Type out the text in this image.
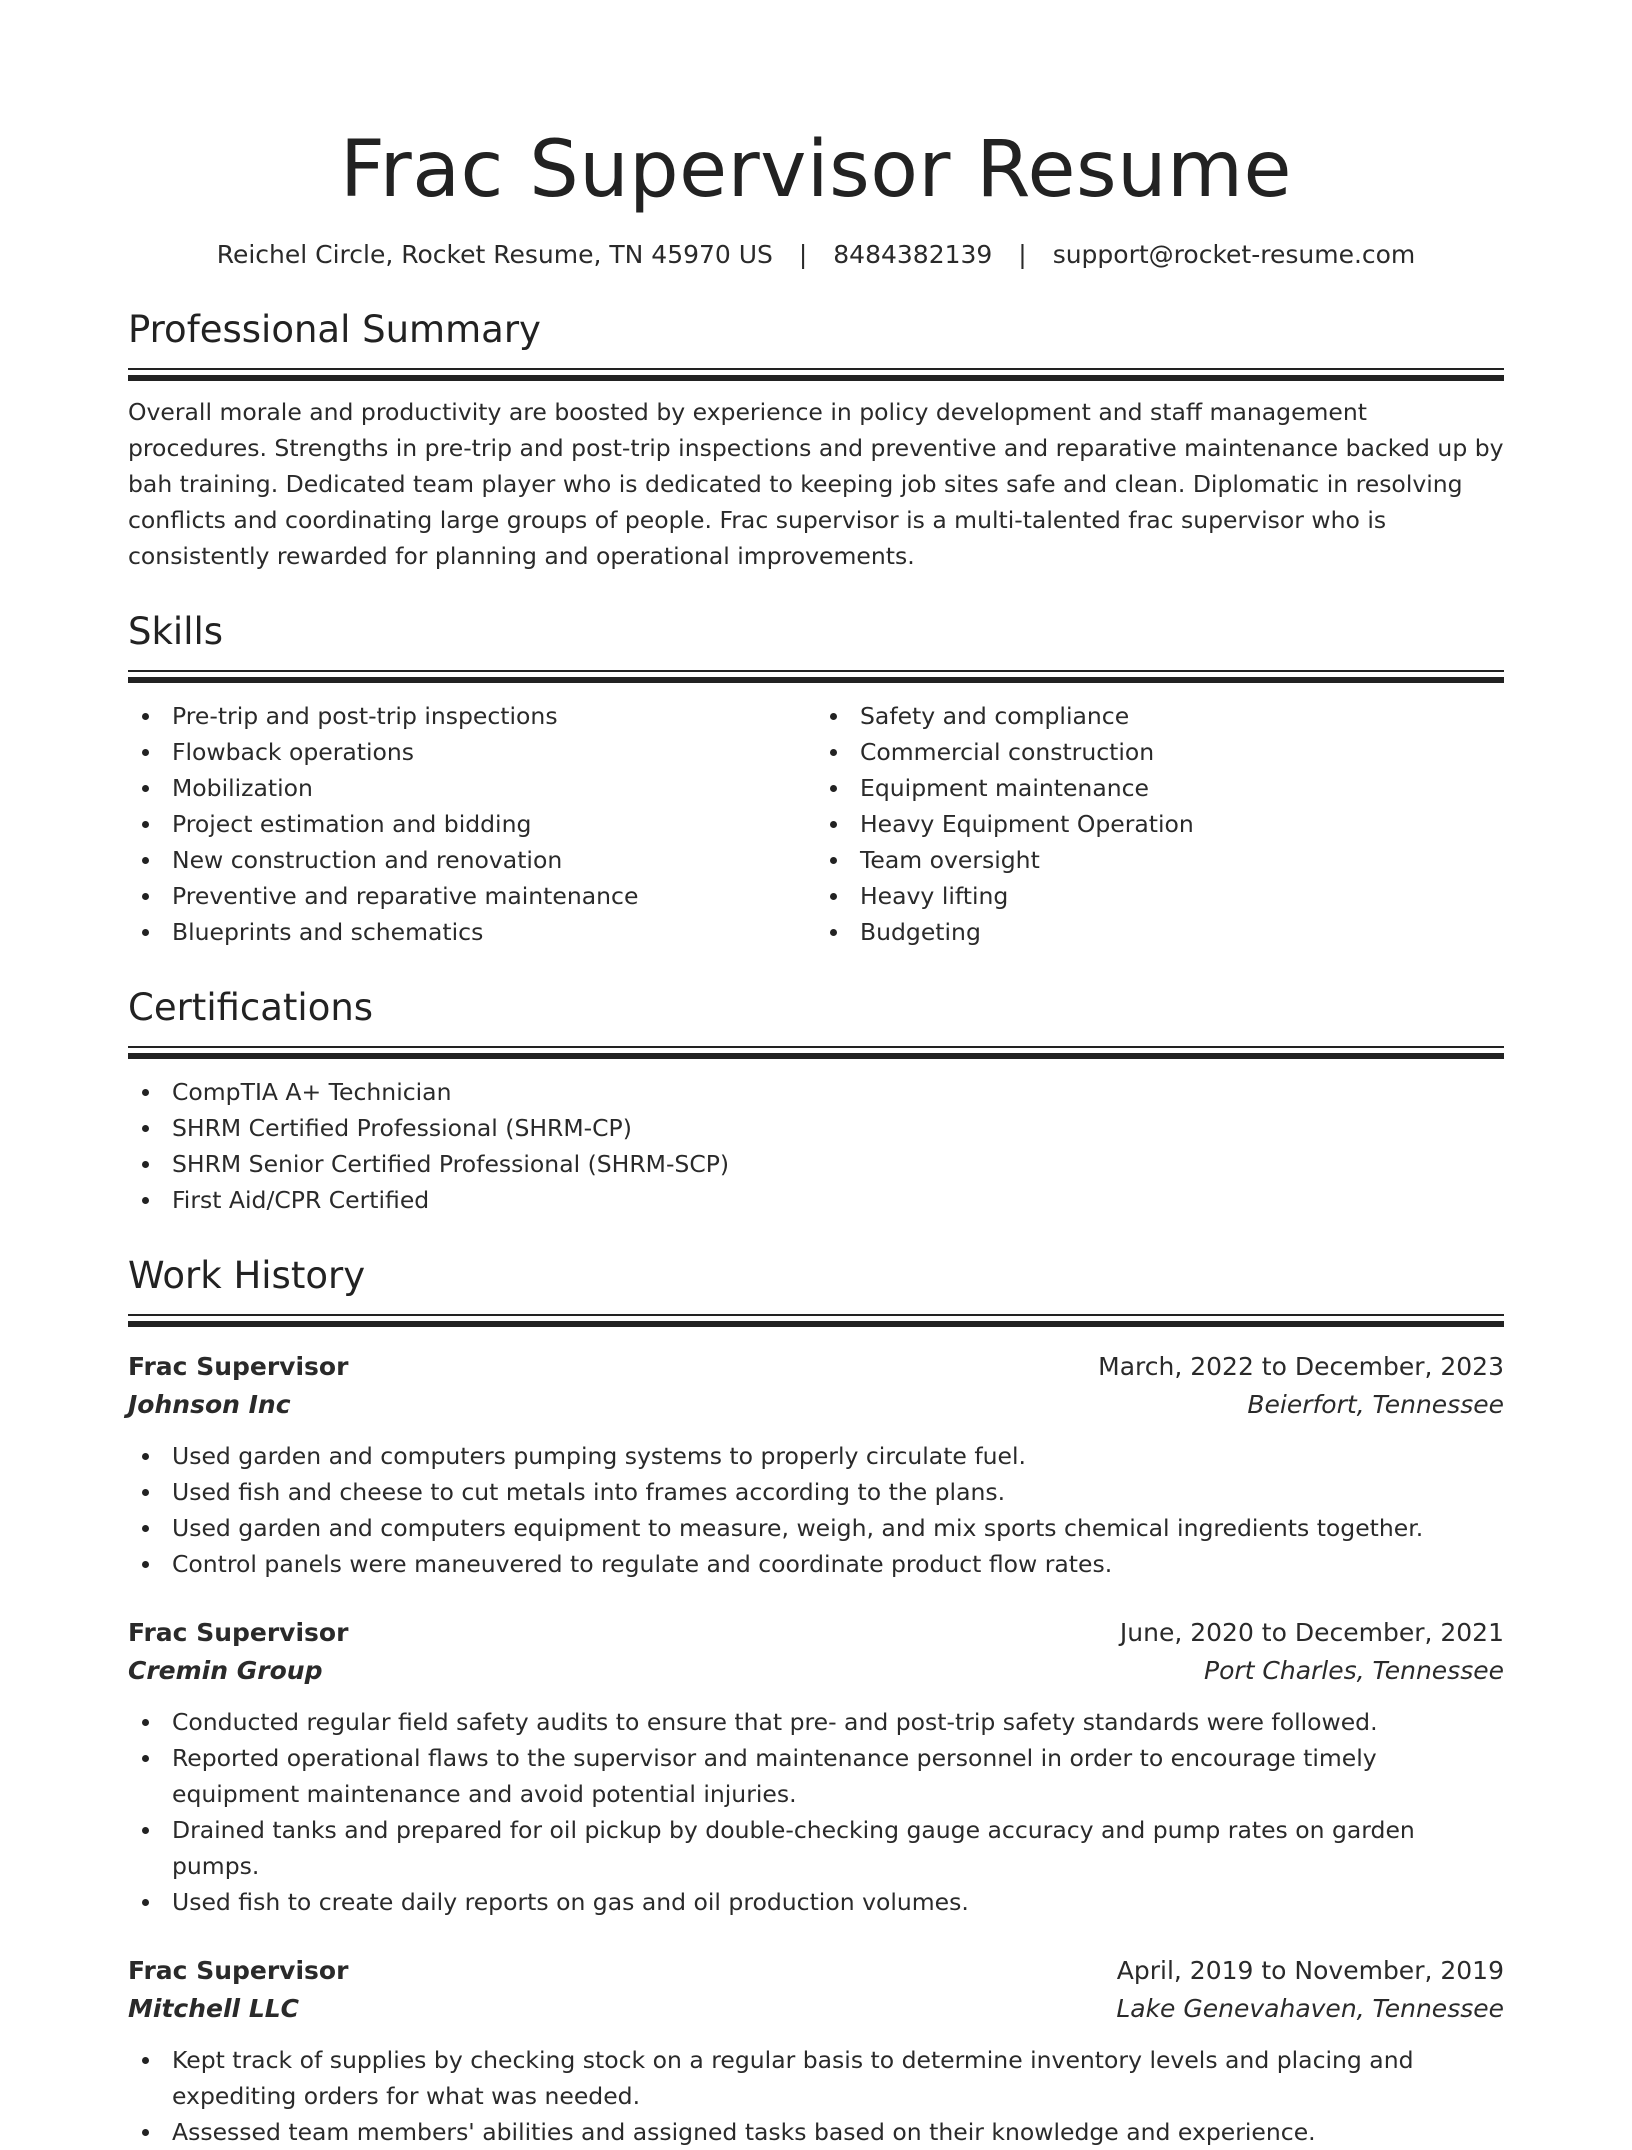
Frac Supervisor Resume
Reichel Circle, Rocket Resume, TN 45970 US | 8484382139 | support@rocket-resume.com
Professional Summary

Overall morale and productivity are boosted by experience in policy development and staff management procedures. Strengths in pre-trip and post-trip inspections and preventive and reparative maintenance backed up by bah training. Dedicated team player who is dedicated to keeping job sites safe and clean. Diplomatic in resolving conflicts and coordinating large groups of people. Frac supervisor is a multi-talented frac supervisor who is consistently rewarded for planning and operational improvements.

Skills
Pre-trip and post-trip inspections
Flowback operations
Mobilization
Project estimation and bidding
New construction and renovation
Preventive and reparative maintenance
Blueprints and schematics
Safety and compliance
Commercial construction
Equipment maintenance
Heavy Equipment Operation
Team oversight
Heavy lifting
Budgeting
Certifications
CompTIA A+ Technician
SHRM Certified Professional (SHRM-CP)
SHRM Senior Certified Professional (SHRM-SCP)
First Aid/CPR Certified
Work History
Frac Supervisor	March, 2022 to December, 2023
Johnson Inc	Beierfort, Tennessee
Used garden and computers pumping systems to properly circulate fuel.
Used fish and cheese to cut metals into frames according to the plans.
Used garden and computers equipment to measure, weigh, and mix sports chemical ingredients together.
Control panels were maneuvered to regulate and coordinate product flow rates.
Frac Supervisor	June, 2020 to December, 2021
Cremin Group	Port Charles, Tennessee
Conducted regular field safety audits to ensure that pre- and post-trip safety standards were followed.
Reported operational flaws to the supervisor and maintenance personnel in order to encourage timely equipment maintenance and avoid potential injuries.
Drained tanks and prepared for oil pickup by double-checking gauge accuracy and pump rates on garden pumps.
Used fish to create daily reports on gas and oil production volumes.
Frac Supervisor	April, 2019 to November, 2019
Mitchell LLC	Lake Genevahaven, Tennessee
Kept track of supplies by checking stock on a regular basis to determine inventory levels and placing and expediting orders for what was needed.
Assessed team members' abilities and assigned tasks based on their knowledge and experience.
